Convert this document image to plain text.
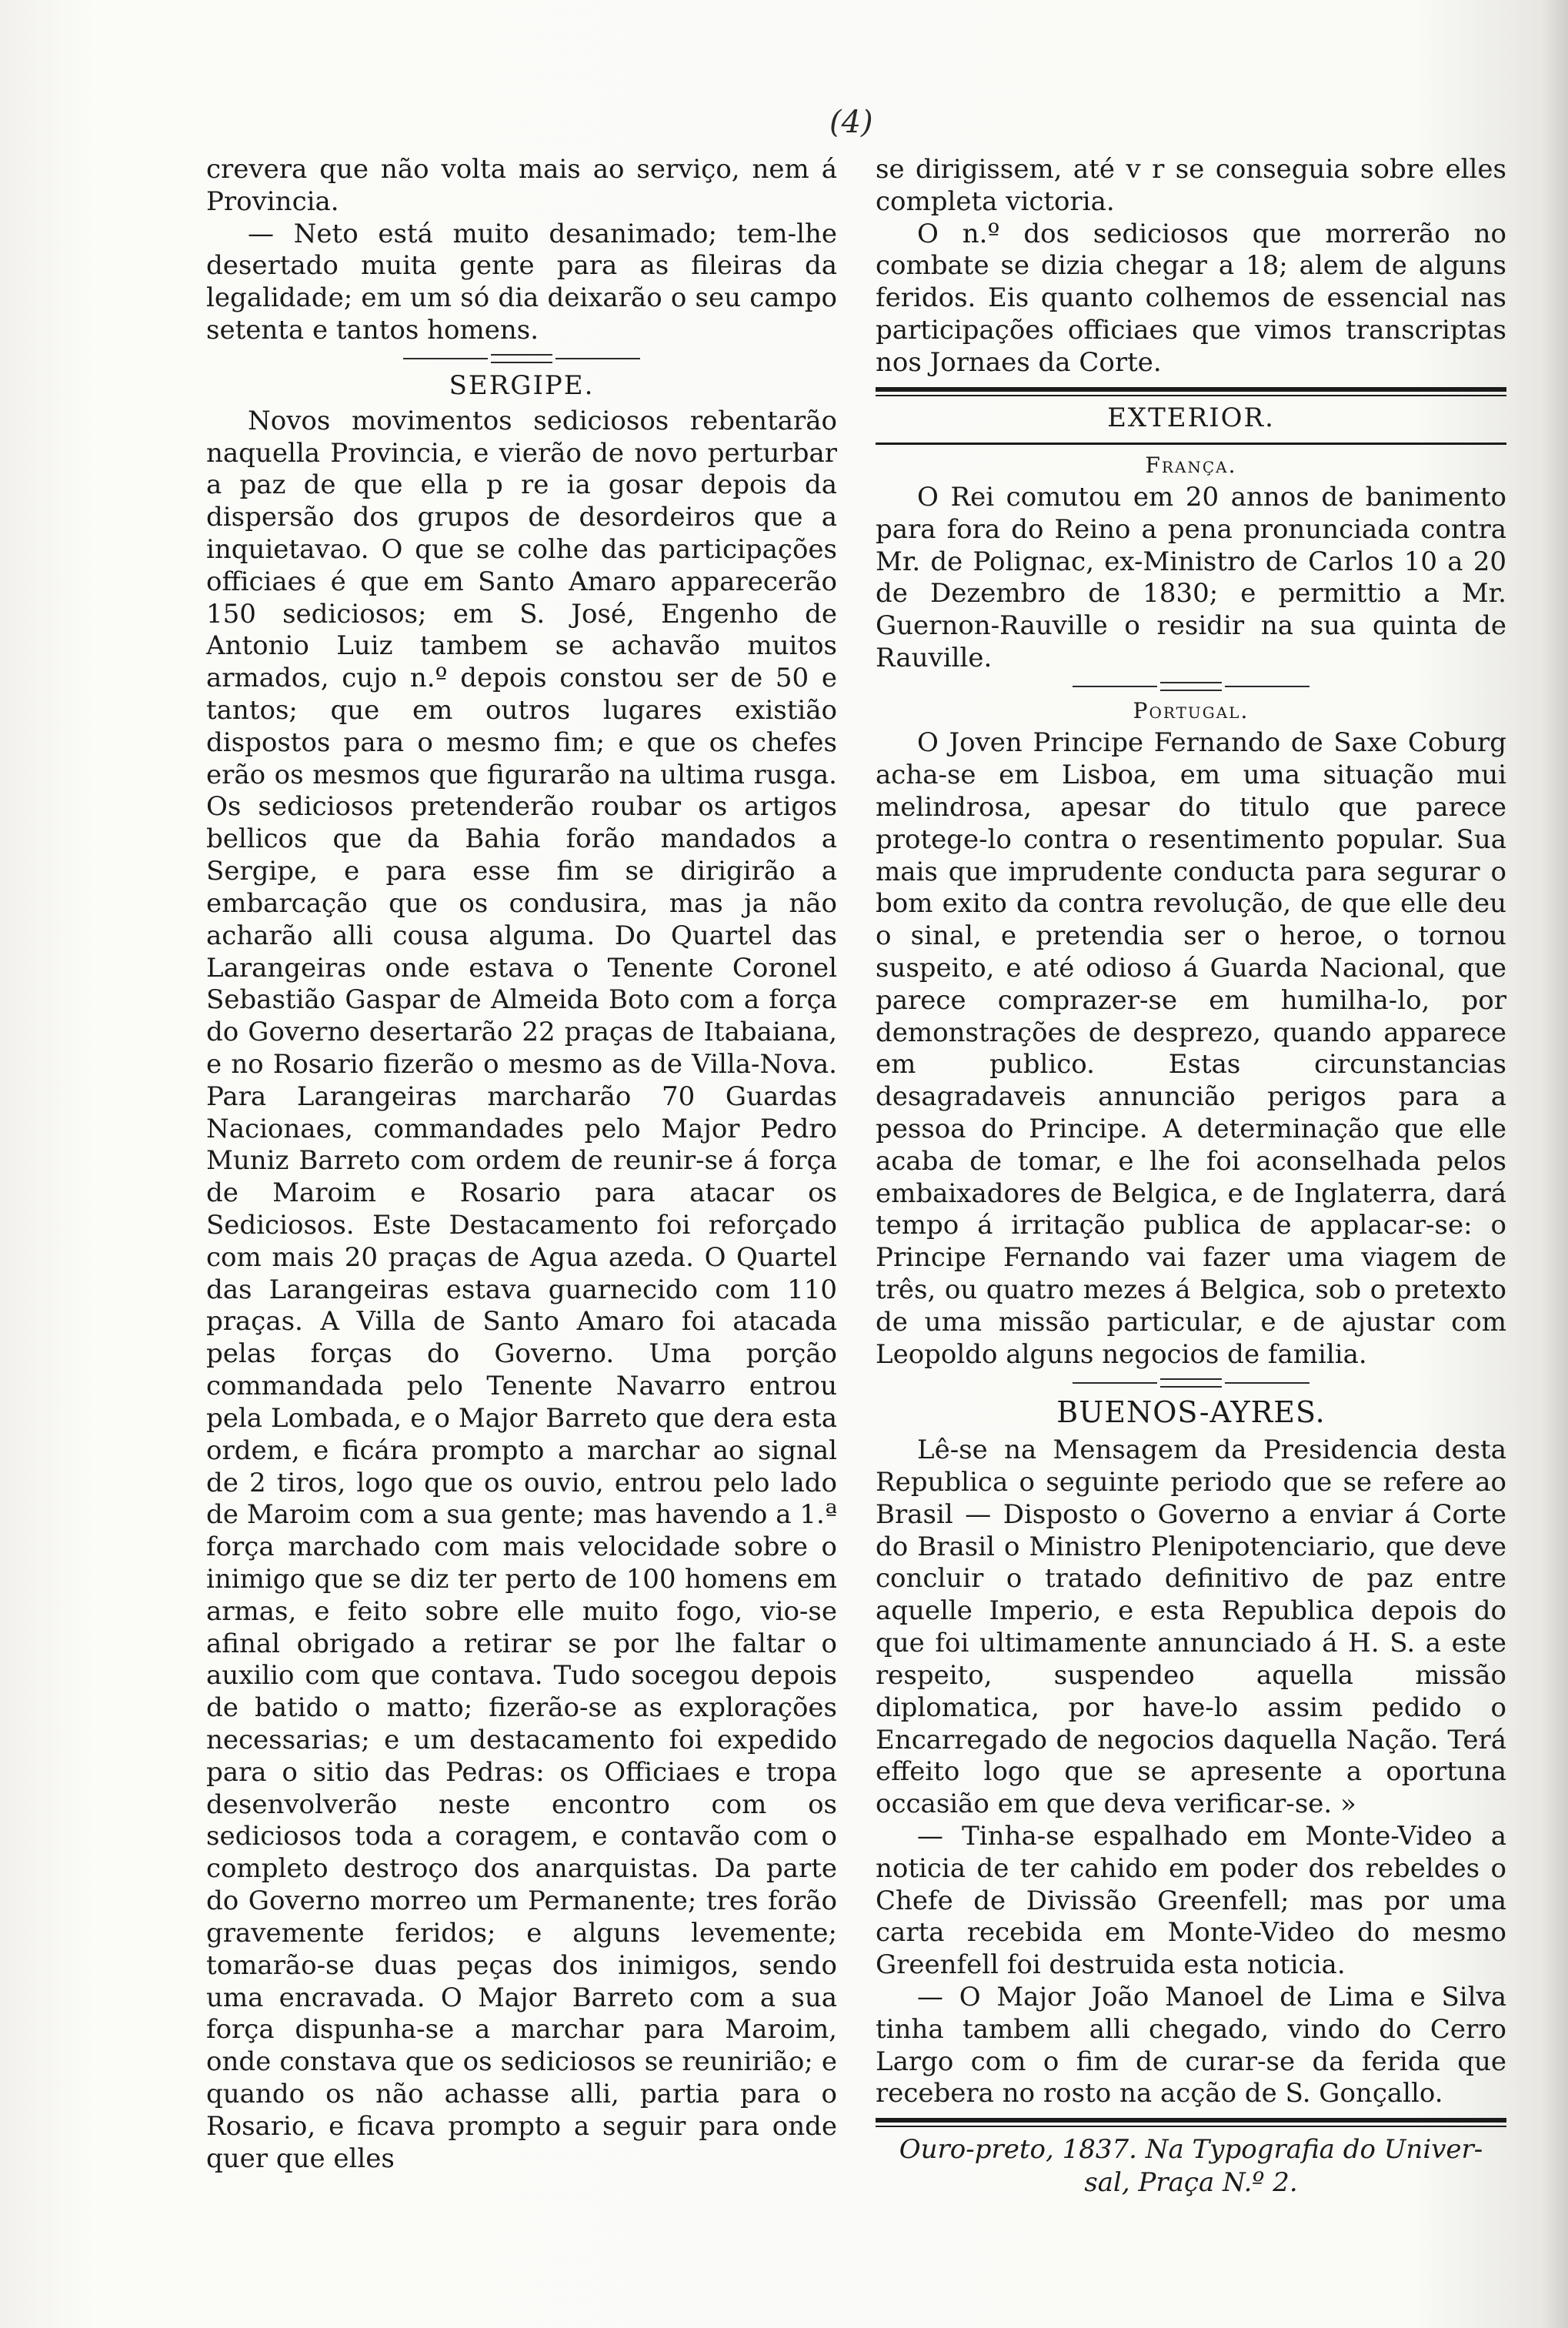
(4)

crevera que não volta mais ao serviço, nem á Provincia.

— Neto está muito desanimado; tem-lhe desertado muita gente para as fileiras da legalidade; em um só dia deixarão o seu campo setenta e tantos homens.

SERGIPE.

Novos movimentos sediciosos rebentarão naquella Provincia, e vierão de novo perturbar a paz de que ella p re ia gosar depois da dispersão dos grupos de desordeiros que a inquietavao. O que se colhe das participações officiaes é que em Santo Amaro apparecerão 150 sediciosos; em S. José, Engenho de Antonio Luiz tambem se achavão muitos armados, cujo n.º depois constou ser de 50 e tantos; que em outros lugares existião dispostos para o mesmo fim; e que os chefes erão os mesmos que figurarão na ultima rusga. Os sediciosos pretenderão roubar os artigos bellicos que da Bahia forão mandados a Sergipe, e para esse fim se dirigirão a embarcação que os condusira, mas ja não acharão alli cousa alguma. Do Quartel das Larangeiras onde estava o Tenente Coronel Sebastião Gaspar de Almeida Boto com a força do Governo desertarão 22 praças de Itabaiana, e no Rosario fizerão o mesmo as de Villa-Nova. Para Larangeiras marcharão 70 Guardas Nacionaes, commandades pelo Major Pedro Muniz Barreto com ordem de reunir-se á força de Maroim e Rosario para atacar os Sediciosos. Este Destacamento foi reforçado com mais 20 praças de Agua azeda. O Quartel das Larangeiras estava guarnecido com 110 praças. A Villa de Santo Amaro foi atacada pelas forças do Governo. Uma porção commandada pelo Tenente Navarro entrou pela Lombada, e o Major Barreto que dera esta ordem, e ficára prompto a marchar ao signal de 2 tiros, logo que os ouvio, entrou pelo lado de Maroim com a sua gente; mas havendo a 1.ª força marchado com mais velocidade sobre o inimigo que se diz ter perto de 100 homens em armas, e feito sobre elle muito fogo, vio-se afinal obrigado a retirar se por lhe faltar o auxilio com que contava. Tudo socegou depois de batido o matto; fizerão-se as explorações necessarias; e um destacamento foi expedido para o sitio das Pedras: os Officiaes e tropa desenvolverão neste encontro com os sediciosos toda a coragem, e contavão com o completo destroço dos anarquistas. Da parte do Governo morreo um Permanente; tres forão gravemente feridos; e alguns levemente; tomarão-se duas peças dos inimigos, sendo uma encravada. O Major Barreto com a sua força dispunha-se a marchar para Maroim, onde constava que os sediciosos se reunirião; e quando os não achasse alli, partia para o Rosario, e ficava prompto a seguir para onde quer que elles

se dirigissem, até v r se conseguia sobre elles completa victoria.

O n.º dos sediciosos que morrerão no combate se dizia chegar a 18; alem de alguns feridos. Eis quanto colhemos de essencial nas participações officiaes que vimos transcriptas nos Jornaes da Corte.

EXTERIOR.
França.

O Rei comutou em 20 annos de banimento para fora do Reino a pena pronunciada contra Mr. de Polignac, ex-Ministro de Carlos 10 a 20 de Dezembro de 1830; e permittio a Mr. Guernon-Rauville o residir na sua quinta de Rauville.

Portugal.

O Joven Principe Fernando de Saxe Coburg acha-se em Lisboa, em uma situação mui melindrosa, apesar do titulo que parece protege-lo contra o resentimento popular. Sua mais que imprudente conducta para segurar o bom exito da contra revolução, de que elle deu o sinal, e pretendia ser o heroe, o tornou suspeito, e até odioso á Guarda Nacional, que parece comprazer-se em humilha-lo, por demonstrações de desprezo, quando apparece em publico. Estas circunstancias desagradaveis annuncião perigos para a pessoa do Principe. A determinação que elle acaba de tomar, e lhe foi aconselhada pelos embaixadores de Belgica, e de Inglaterra, dará tempo á irritação publica de applacar-se: o Principe Fernando vai fazer uma viagem de três, ou quatro mezes á Belgica, sob o pretexto de uma missão particular, e de ajustar com Leopoldo alguns negocios de familia.

BUENOS-AYRES.

Lê-se na Mensagem da Presidencia desta Republica o seguinte periodo que se refere ao Brasil — Disposto o Governo a enviar á Corte do Brasil o Ministro Plenipotenciario, que deve concluir o tratado definitivo de paz entre aquelle Imperio, e esta Republica depois do que foi ultimamente annunciado á H. S. a este respeito, suspendeo aquella missão diplomatica, por have-lo assim pedido o Encarregado de negocios daquella Nação. Terá effeito logo que se apresente a oportuna occasião em que deva verificar-se. »

— Tinha-se espalhado em Monte-Video a noticia de ter cahido em poder dos rebeldes o Chefe de Divissão Greenfell; mas por uma carta recebida em Monte-Video do mesmo Greenfell foi destruida esta noticia.

— O Major João Manoel de Lima e Silva tinha tambem alli chegado, vindo do Cerro Largo com o fim de curar-se da ferida que recebera no rosto na acção de S. Gonçallo.

Ouro-preto, 1837. Na Typografia do Univer-
sal, Praça N.º 2.
